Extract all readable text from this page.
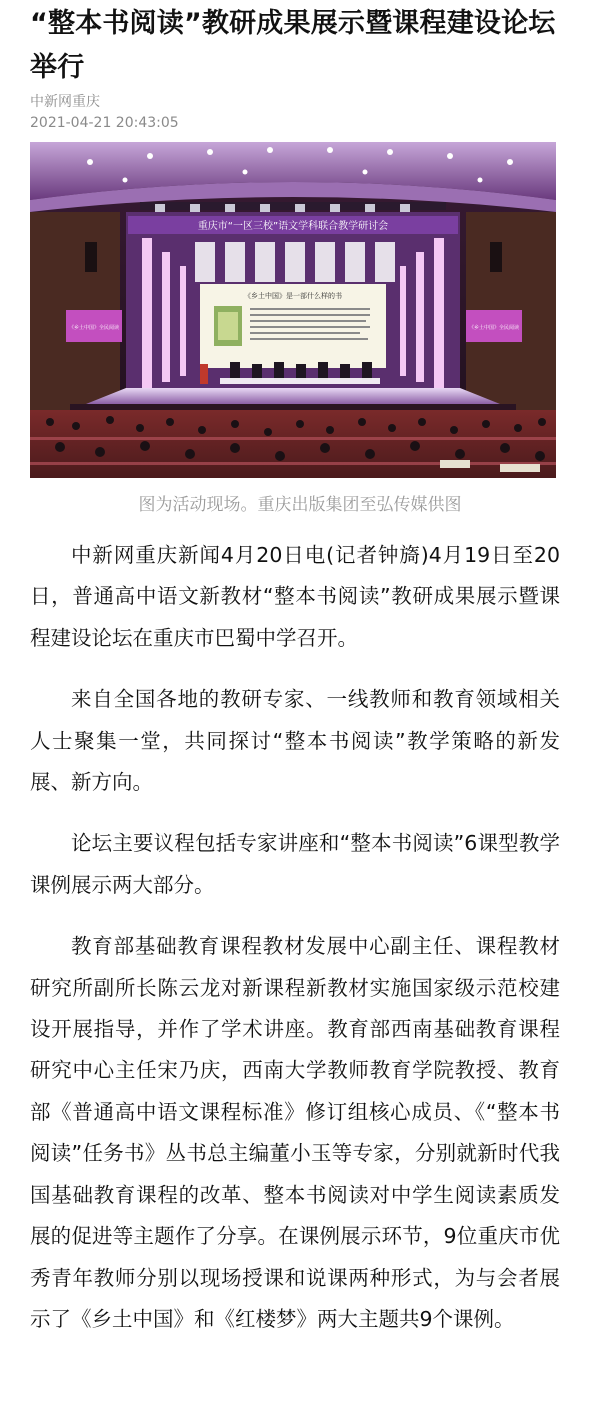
“整本书阅读”教研成果展示暨课程建设论坛举行
中新网重庆
2021-04-21 20:43:05
《乡土中国》全民阅读	《乡土中国》全民阅读
重庆市“一区三校”语文学科联合教学研讨会
《乡土中国》是一部什么样的书
图为活动现场。重庆出版集团至弘传媒供图

中新网重庆新闻4月20日电(记者钟旖)4月19日至20日，普通高中语文新教材“整本书阅读”教研成果展示暨课程建设论坛在重庆市巴蜀中学召开。

来自全国各地的教研专家、一线教师和教育领域相关人士聚集一堂，共同探讨“整本书阅读”教学策略的新发展、新方向。

论坛主要议程包括专家讲座和“整本书阅读”6课型教学课例展示两大部分。

教育部基础教育课程教材发展中心副主任、课程教材研究所副所长陈云龙对新课程新教材实施国家级示范校建设开展指导，并作了学术讲座。教育部西南基础教育课程研究中心主任宋乃庆，西南大学教师教育学院教授、教育部《普通高中语文课程标准》修订组核心成员、《“整本书阅读”任务书》丛书总主编董小玉等专家，分别就新时代我国基础教育课程的改革、整本书阅读对中学生阅读素质发展的促进等主题作了分享。在课例展示环节，9位重庆市优秀青年教师分别以现场授课和说课两种形式，为与会者展示了《乡土中国》和《红楼梦》两大主题共9个课例。
